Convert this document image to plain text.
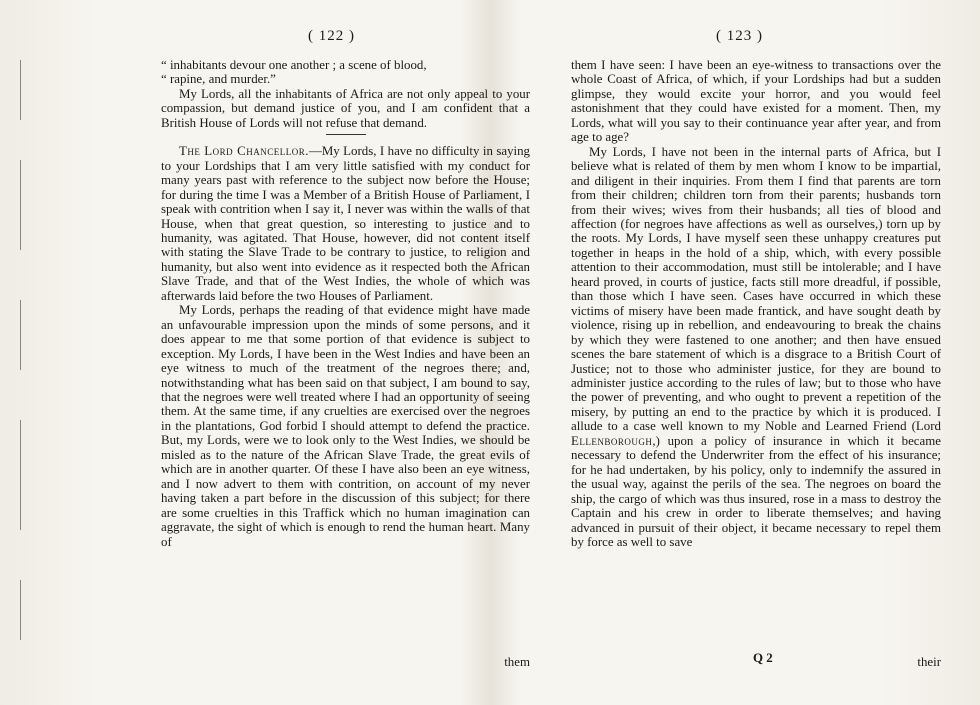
( 122 )	( 123 )

“ inhabitants devour one another ; a scene of blood,

“ rapine, and murder.”

My Lords, all the inhabitants of Africa are not only appeal to your compassion, but demand justice of you, and I am confident that a British House of Lords will not refuse that demand.

The Lord Chancellor.—My Lords, I have no difficulty in saying to your Lordships that I am very little satisfied with my conduct for many years past with reference to the subject now before the House; for during the time I was a Member of a British House of Parliament, I speak with contrition when I say it, I never was within the walls of that House, when that great question, so interesting to justice and to humanity, was agitated. That House, however, did not content itself with stating the Slave Trade to be contrary to justice, to religion and humanity, but also went into evidence as it respected both the African Slave Trade, and that of the West Indies, the whole of which was afterwards laid before the two Houses of Parliament.

My Lords, perhaps the reading of that evidence might have made an unfavourable impression upon the minds of some persons, and it does appear to me that some portion of that evidence is subject to exception. My Lords, I have been in the West Indies and have been an eye witness to much of the treatment of the negroes there; and, notwithstanding what has been said on that subject, I am bound to say, that the negroes were well treated where I had an opportunity of seeing them. At the same time, if any cruelties are exercised over the negroes in the plantations, God forbid I should attempt to defend the practice. But, my Lords, were we to look only to the West Indies, we should be misled as to the nature of the African Slave Trade, the great evils of which are in another quarter. Of these I have also been an eye witness, and I now advert to them with contrition, on account of my never having taken a part before in the discussion of this subject; for there are some cruelties in this Traffick which no human imagination can aggravate, the sight of which is enough to rend the human heart. Many of

them

them I have seen: I have been an eye-witness to transactions over the whole Coast of Africa, of which, if your Lordships had but a sudden glimpse, they would excite your horror, and you would feel astonishment that they could have existed for a moment. Then, my Lords, what will you say to their continuance year after year, and from age to age?

My Lords, I have not been in the internal parts of Africa, but I believe what is related of them by men whom I know to be impartial, and diligent in their inquiries. From them I find that parents are torn from their children; children torn from their parents; husbands torn from their wives; wives from their husbands; all ties of blood and affection (for negroes have affections as well as ourselves,) torn up by the roots. My Lords, I have myself seen these unhappy creatures put together in heaps in the hold of a ship, which, with every possible attention to their accommodation, must still be intolerable; and I have heard proved, in courts of justice, facts still more dreadful, if possible, than those which I have seen. Cases have occurred in which these victims of misery have been made frantick, and have sought death by violence, rising up in rebellion, and endeavouring to break the chains by which they were fastened to one another; and then have ensued scenes the bare statement of which is a disgrace to a British Court of Justice; not to those who administer justice, for they are bound to administer justice according to the rules of law; but to those who have the power of preventing, and who ought to prevent a repetition of the misery, by putting an end to the practice by which it is produced. I allude to a case well known to my Noble and Learned Friend (Lord Ellenborough,) upon a policy of insurance in which it became necessary to defend the Underwriter from the effect of his insurance; for he had undertaken, by his policy, only to indemnify the assured in the usual way, against the perils of the sea. The negroes on board the ship, the cargo of which was thus insured, rose in a mass to destroy the Captain and his crew in order to liberate themselves; and having advanced in pursuit of their object, it became necessary to repel them by force as well to save

Q 2	their
